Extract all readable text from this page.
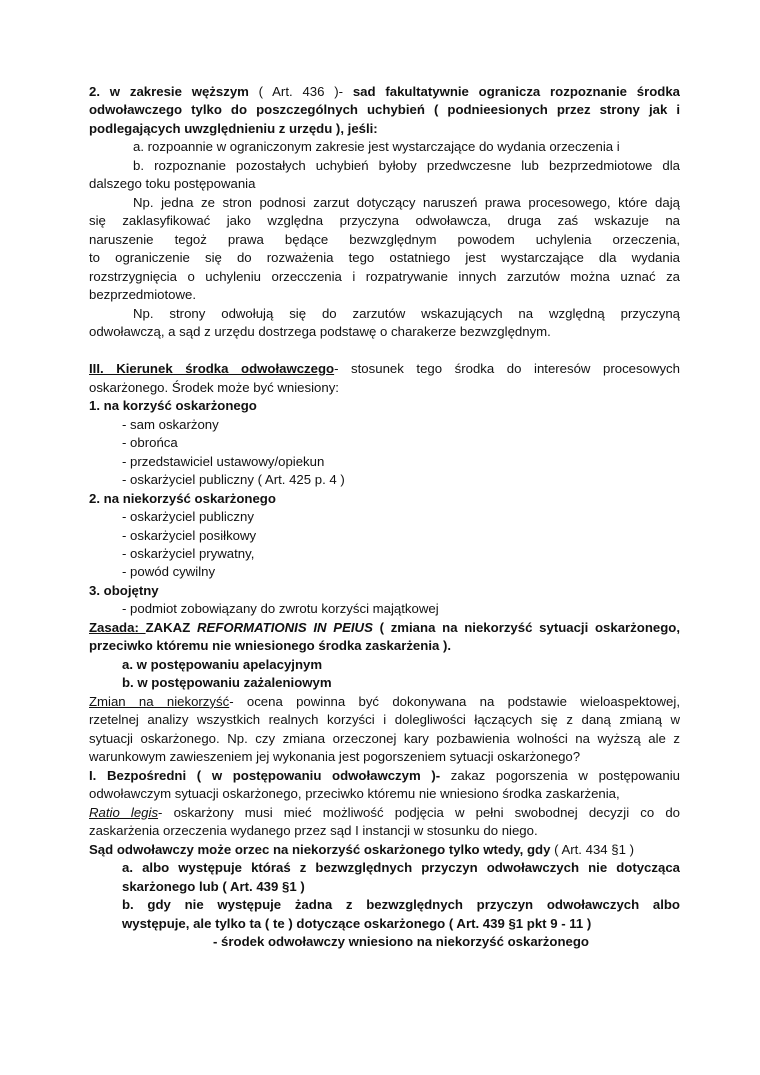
2. w zakresie węższym ( Art. 436 )- sad fakultatywnie ogranicza rozpoznanie środka
odwoławczego tylko do poszczególnych uchybień ( podnieesionych przez strony jak i
podlegających uwzględnieniu z urzędu ), jeśli:
a. rozpoannie w ograniczonym zakresie jest wystarczające do wydania orzeczenia i
b. rozpoznanie pozostałych uchybień byłoby przedwczesne lub bezprzedmiotowe dla
dalszego toku postępowania
Np. jedna ze stron podnosi zarzut dotyczący naruszeń prawa procesowego, które dają
się zaklasyfikować jako względna przyczyna odwoławcza, druga zaś wskazuje na
naruszenie tegoż prawa będące bezwzględnym powodem uchylenia orzeczenia,
to ograniczenie się do rozważenia tego ostatniego jest wystarczające dla wydania
rozstrzygnięcia o uchyleniu orzecczenia i rozpatrywanie innych zarzutów można uznać za
bezprzedmiotowe.
Np. strony odwołują się do zarzutów wskazujących na względną przyczyną
odwoławczą, a sąd z urzędu dostrzega podstawę o charakerze bezwzględnym.
III. Kierunek środka odwoławczego- stosunek tego środka do interesów procesowych
oskarżonego. Środek może być wniesiony:
1. na korzyść oskarżonego
- sam oskarżony
- obrońca
- przedstawiciel ustawowy/opiekun
- oskarżyciel publiczny ( Art. 425 p. 4 )
2. na niekorzyść oskarżonego
- oskarżyciel publiczny
- oskarżyciel posiłkowy
- oskarżyciel prywatny,
- powód cywilny
3. obojętny
- podmiot zobowiązany do zwrotu korzyści majątkowej
Zasada: ZAKAZ REFORMATIONIS IN PEIUS ( zmiana na niekorzyść sytuacji oskarżonego,
przeciwko któremu nie wniesionego środka zaskarżenia ).
a. w postępowaniu apelacyjnym
b. w postępowaniu zażaleniowym
Zmian na niekorzyść- ocena powinna być dokonywana na podstawie wieloaspektowej,
rzetelnej analizy wszystkich realnych korzyści i dolegliwości łączących się z daną zmianą w
sytuacji oskarżonego. Np. czy zmiana orzeczonej kary pozbawienia wolności na wyższą ale z
warunkowym zawieszeniem jej wykonania jest pogorszeniem sytuacji oskarżonego?
I. Bezpośredni ( w postępowaniu odwoławczym )- zakaz pogorszenia w postępowaniu
odwoławczym sytuacji oskarżonego, przeciwko któremu nie wniesiono środka zaskarżenia,
Ratio legis- oskarżony musi mieć możliwość podjęcia w pełni swobodnej decyzji co do
zaskarżenia orzeczenia wydanego przez sąd I instancji w stosunku do niego.
Sąd odwoławczy może orzec na niekorzyść oskarżonego tylko wtedy, gdy ( Art. 434 §1 )
a. albo występuje któraś z bezwzględnych przyczyn odwoławczych nie dotycząca
skarżonego lub ( Art. 439 §1 )
b. gdy nie występuje żadna z bezwzględnych przyczyn odwoławczych albo
występuje, ale tylko ta ( te ) dotyczące oskarżonego ( Art. 439 §1 pkt 9 - 11 )
- środek odwoławczy wniesiono na niekorzyść oskarżonego
